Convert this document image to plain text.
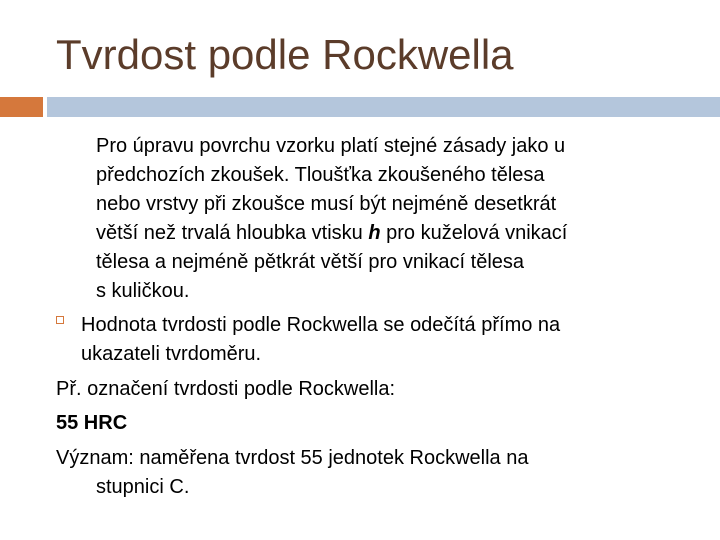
Tvrdost podle Rockwella
Pro úpravu povrchu vzorku platí stejné zásady jako u
předchozích zkoušek. Tloušťka zkoušeného tělesa
nebo vrstvy při zkoušce musí být nejméně desetkrát
větší než trvalá hloubka vtisku h pro kuželová vnikací
tělesa a nejméně pětkrát větší pro vnikací tělesa
s kuličkou.
Hodnota tvrdosti podle Rockwella se odečítá přímo na
ukazateli tvrdoměru.
Př. označení tvrdosti podle Rockwella:
55 HRC
Význam: naměřena tvrdost 55 jednotek Rockwella na
stupnici C.
